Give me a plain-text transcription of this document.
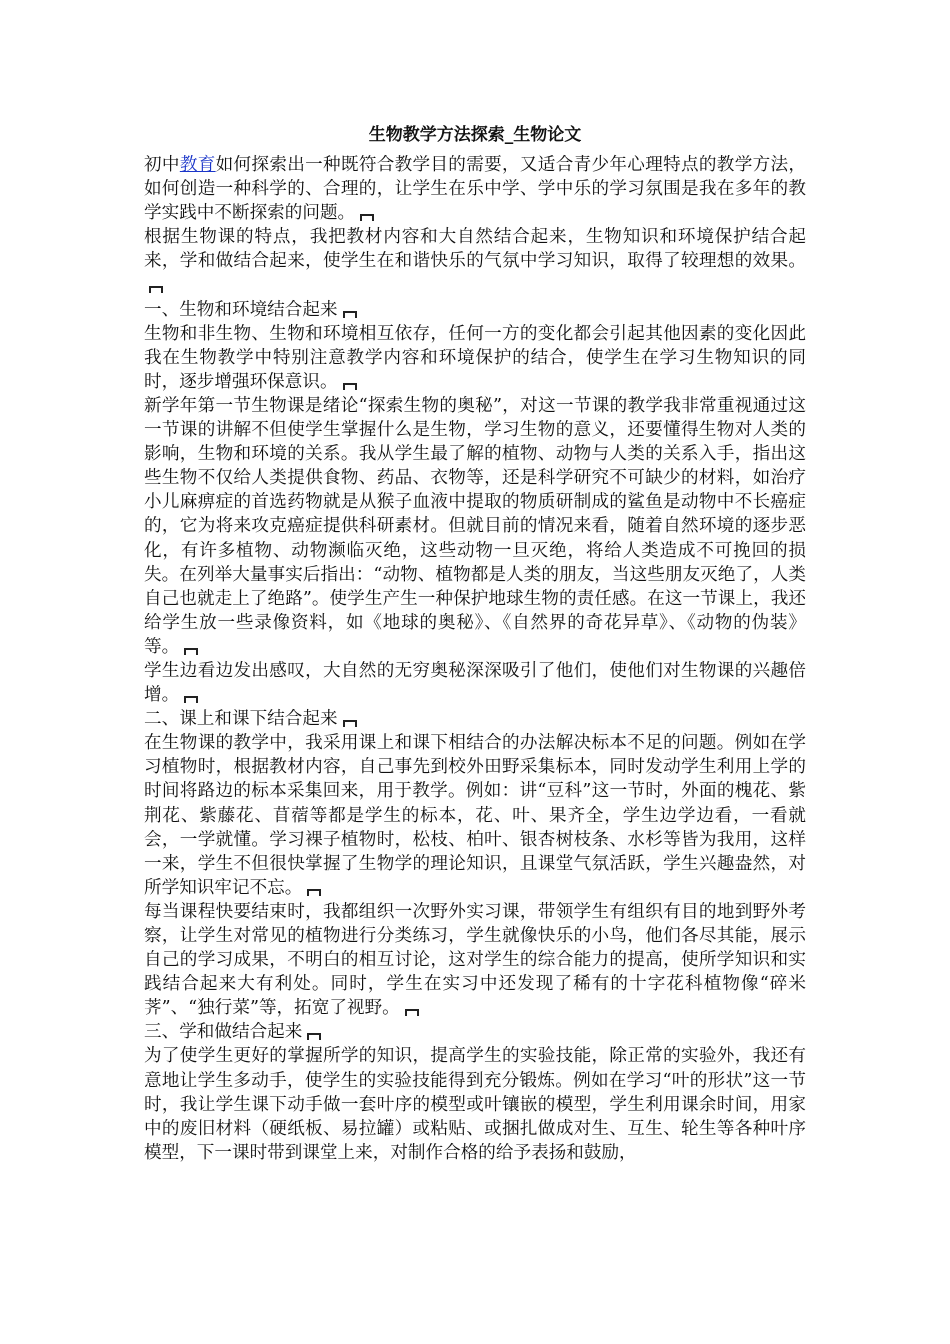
生物教学方法探索_生物论文

初中教育如何探索出一种既符合教学目的需要，又适合青少年心理特点的教学方法，如何创造一种科学的、合理的，让学生在乐中学、学中乐的学习氛围是我在多年的教学实践中不断探索的问题。

根据生物课的特点，我把教材内容和大自然结合起来，生物知识和环境保护结合起来，学和做结合起来，使学生在和谐快乐的气氛中学习知识，取得了较理想的效果。

一、生物和环境结合起来

生物和非生物、生物和环境相互依存，任何一方的变化都会引起其他因素的变化因此我在生物教学中特别注意教学内容和环境保护的结合，使学生在学习生物知识的同时，逐步增强环保意识。

新学年第一节生物课是绪论“探索生物的奥秘”，对这一节课的教学我非常重视通过这一节课的讲解不但使学生掌握什么是生物，学习生物的意义，还要懂得生物对人类的影响，生物和环境的关系。我从学生最了解的植物、动物与人类的关系入手，指出这些生物不仅给人类提供食物、药品、衣物等，还是科学研究不可缺少的材料，如治疗小儿麻痹症的首选药物就是从猴子血液中提取的物质研制成的鲨鱼是动物中不长癌症的，它为将来攻克癌症提供科研素材。但就目前的情况来看，随着自然环境的逐步恶化，有许多植物、动物濒临灭绝，这些动物一旦灭绝，将给人类造成不可挽回的损失。在列举大量事实后指出：“动物、植物都是人类的朋友，当这些朋友灭绝了，人类自己也就走上了绝路”。使学生产生一种保护地球生物的责任感。在这一节课上，我还给学生放一些录像资料，如《地球的奥秘》、《自然界的奇花异草》、《动物的伪装》等。

学生边看边发出感叹，大自然的无穷奥秘深深吸引了他们，使他们对生物课的兴趣倍增。

二、课上和课下结合起来

在生物课的教学中，我采用课上和课下相结合的办法解决标本不足的问题。例如在学习植物时，根据教材内容，自己事先到校外田野采集标本，同时发动学生利用上学的时间将路边的标本采集回来，用于教学。例如：讲“豆科”这一节时，外面的槐花、紫荆花、紫藤花、苜蓿等都是学生的标本，花、叶、果齐全，学生边学边看，一看就会，一学就懂。学习裸子植物时，松枝、柏叶、银杏树枝条、水杉等皆为我用，这样一来，学生不但很快掌握了生物学的理论知识，且课堂气氛活跃，学生兴趣盎然，对所学知识牢记不忘。

每当课程快要结束时，我都组织一次野外实习课，带领学生有组织有目的地到野外考察，让学生对常见的植物进行分类练习，学生就像快乐的小鸟，他们各尽其能，展示自己的学习成果，不明白的相互讨论，这对学生的综合能力的提高，使所学知识和实践结合起来大有利处。同时，学生在实习中还发现了稀有的十字花科植物像“碎米荠”、“独行菜”等，拓宽了视野。

三、学和做结合起来

为了使学生更好的掌握所学的知识，提高学生的实验技能，除正常的实验外，我还有意地让学生多动手，使学生的实验技能得到充分锻炼。例如在学习“叶的形状”这一节时，我让学生课下动手做一套叶序的模型或叶镶嵌的模型，学生利用课余时间，用家中的废旧材料（硬纸板、易拉罐）或粘贴、或捆扎做成对生、互生、轮生等各种叶序模型，下一课时带到课堂上来，对制作合格的给予表扬和鼓励，
